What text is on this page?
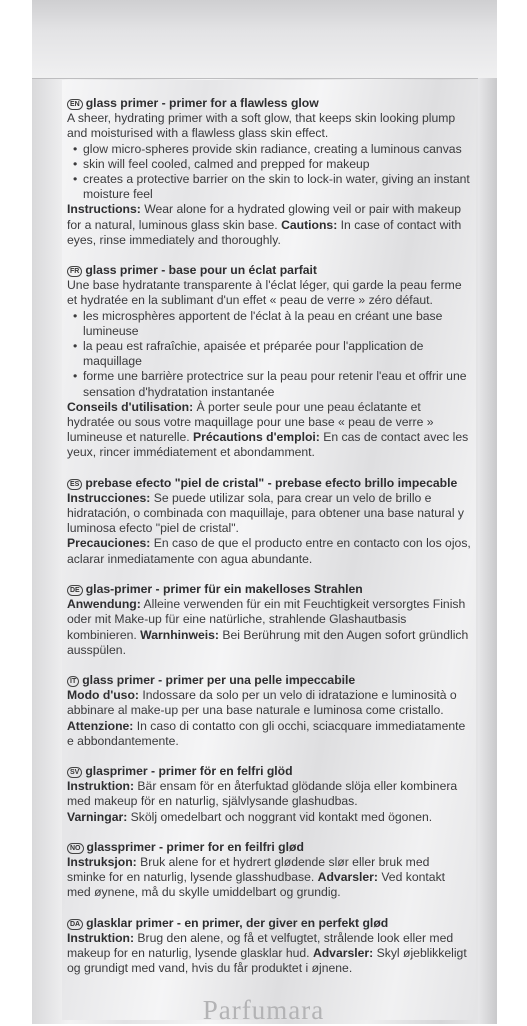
EN glass primer - primer for a flawless glow
A sheer, hydrating primer with a soft glow, that keeps skin looking plump and moisturised with a flawless glass skin effect.
• glow micro-spheres provide skin radiance, creating a luminous canvas
• skin will feel cooled, calmed and prepped for makeup
• creates a protective barrier on the skin to lock-in water, giving an instant moisture feel
Instructions: Wear alone for a hydrated glowing veil or pair with makeup for a natural, luminous glass skin base. Cautions: In case of contact with eyes, rinse immediately and thoroughly.
FR glass primer - base pour un éclat parfait
Une base hydratante transparente à l'éclat léger, qui garde la peau ferme et hydratée en la sublimant d'un effet « peau de verre » zéro défaut.
• les microsphères apportent de l'éclat à la peau en créant une base lumineuse
• la peau est rafraîchie, apaisée et préparée pour l'application de maquillage
• forme une barrière protectrice sur la peau pour retenir l'eau et offrir une sensation d'hydratation instantanée
Conseils d'utilisation: À porter seule pour une peau éclatante et hydratée ou sous votre maquillage pour une base « peau de verre » lumineuse et naturelle. Précautions d'emploi: En cas de contact avec les yeux, rincer immédiatement et abondamment.
ES prebase efecto "piel de cristal" - prebase efecto brillo impecable
Instrucciones: Se puede utilizar sola, para crear un velo de brillo e hidratación, o combinada con maquillaje, para obtener una base natural y luminosa efecto "piel de cristal".
Precauciones: En caso de que el producto entre en contacto con los ojos, aclarar inmediatamente con agua abundante.
DE glas-primer - primer für ein makelloses Strahlen
Anwendung: Alleine verwenden für ein mit Feuchtigkeit versorgtes Finish oder mit Make-up für eine natürliche, strahlende Glashautbasis kombinieren. Warnhinweis: Bei Berührung mit den Augen sofort gründlich ausspülen.
IT glass primer - primer per una pelle impeccabile
Modo d'uso: Indossare da solo per un velo di idratazione e luminosità o abbinare al make-up per una base naturale e luminosa come cristallo. Attenzione: In caso di contatto con gli occhi, sciacquare immediatamente e abbondantemente.
SV glasprimer - primer för en felfri glöd
Instruktion: Bär ensam för en återfuktad glödande slöja eller kombinera med makeup för en naturlig, självlysande glashudbas.
Varningar: Skölj omedelbart och noggrant vid kontakt med ögonen.
NO glassprimer - primer for en feilfri glød
Instruksjon: Bruk alene for et hydrert glødende slør eller bruk med sminke for en naturlig, lysende glasshudbase. Advarsler: Ved kontakt med øynene, må du skylle umiddelbart og grundig.
DA glasklar primer - en primer, der giver en perfekt glød
Instruktion: Brug den alene, og få et velfugtet, strålende look eller med makeup for en naturlig, lysende glasklar hud. Advarsler: Skyl øjeblikkeligt og grundigt med vand, hvis du får produktet i øjnene.
Parfumara
